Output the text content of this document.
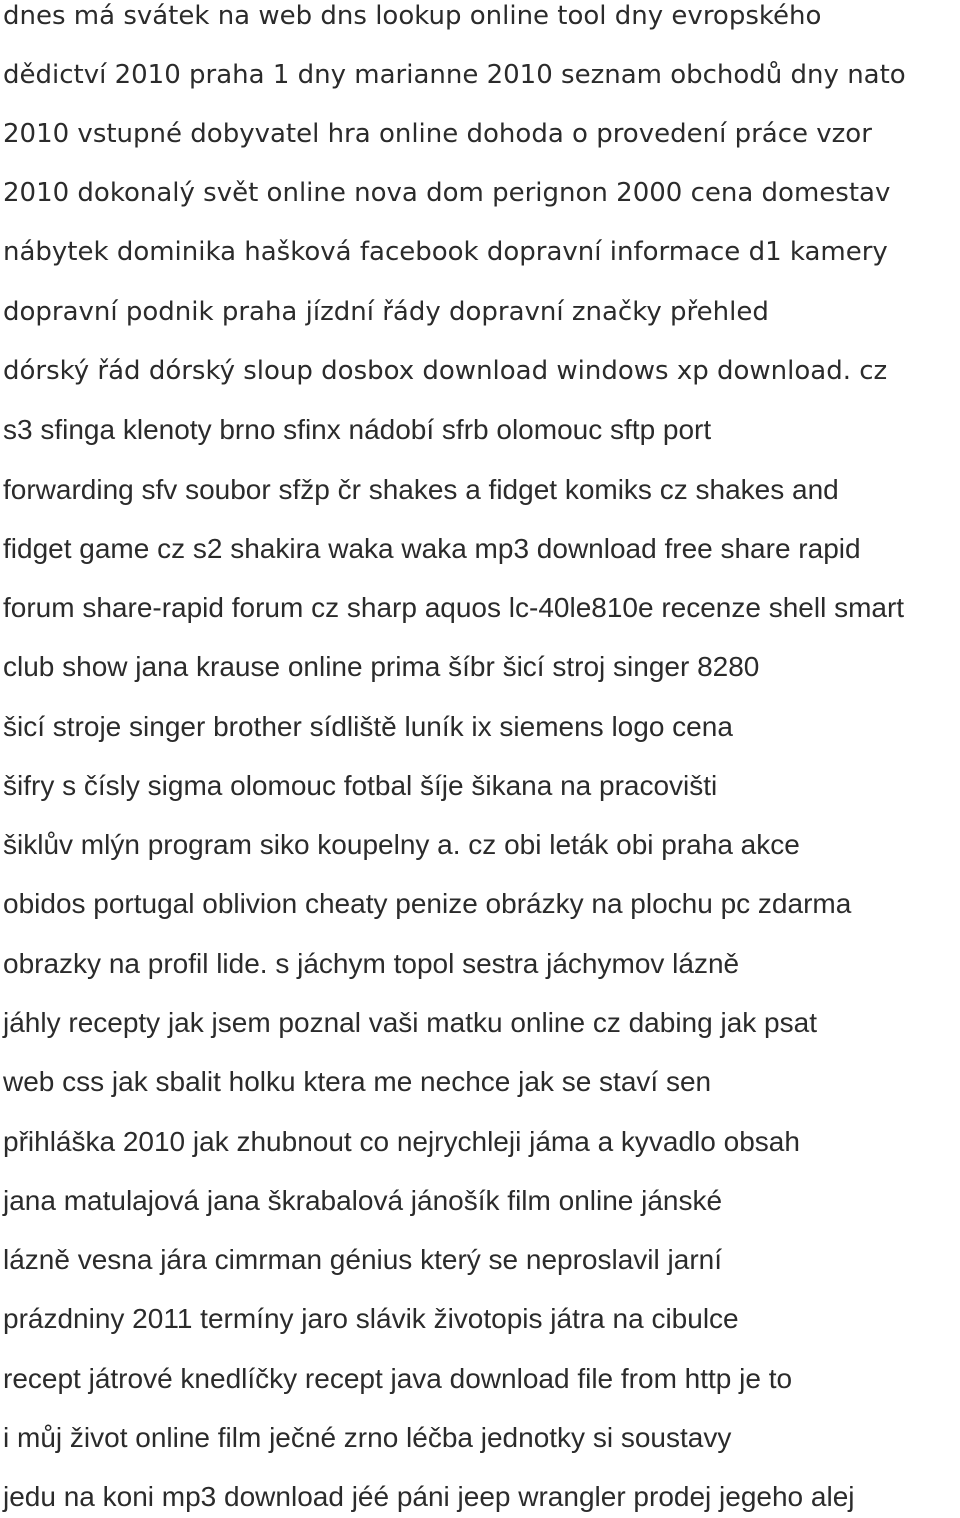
dnes má svátek na web dns lookup online tool dny evropského
dědictví 2010 praha 1 dny marianne 2010 seznam obchodů dny nato
2010 vstupné dobyvatel hra online dohoda o provedení práce vzor
2010 dokonalý svět online nova dom perignon 2000 cena domestav
nábytek dominika hašková facebook dopravní informace d1 kamery
dopravní podnik praha jízdní řády dopravní značky přehled
dórský řád dórský sloup dosbox download windows xp download. cz
s3 sfinga klenoty brno sfinx nádobí sfrb olomouc sftp port
forwarding sfv soubor sfžp čr shakes a fidget komiks cz shakes and
fidget game cz s2 shakira waka waka mp3 download free share rapid
forum share-rapid forum cz sharp aquos lc-40le810e recenze shell smart
club show jana krause online prima šíbr šicí stroj singer 8280
šicí stroje singer brother sídliště luník ix siemens logo cena
šifry s čísly sigma olomouc fotbal šíje šikana na pracovišti
šiklův mlýn program siko koupelny a. cz obi leták obi praha akce
obidos portugal oblivion cheaty penize obrázky na plochu pc zdarma
obrazky na profil lide. s jáchym topol sestra jáchymov lázně
jáhly recepty jak jsem poznal vaši matku online cz dabing jak psat
web css jak sbalit holku ktera me nechce jak se staví sen
přihláška 2010 jak zhubnout co nejrychleji jáma a kyvadlo obsah
jana matulajová jana škrabalová jánošík film online jánské
lázně vesna jára cimrman génius který se neproslavil jarní
prázdniny 2011 termíny jaro slávik životopis játra na cibulce
recept játrové knedlíčky recept java download file from http je to
i můj život online film ječné zrno léčba jednotky si soustavy
jedu na koni mp3 download jéé páni jeep wrangler prodej jegeho alej
